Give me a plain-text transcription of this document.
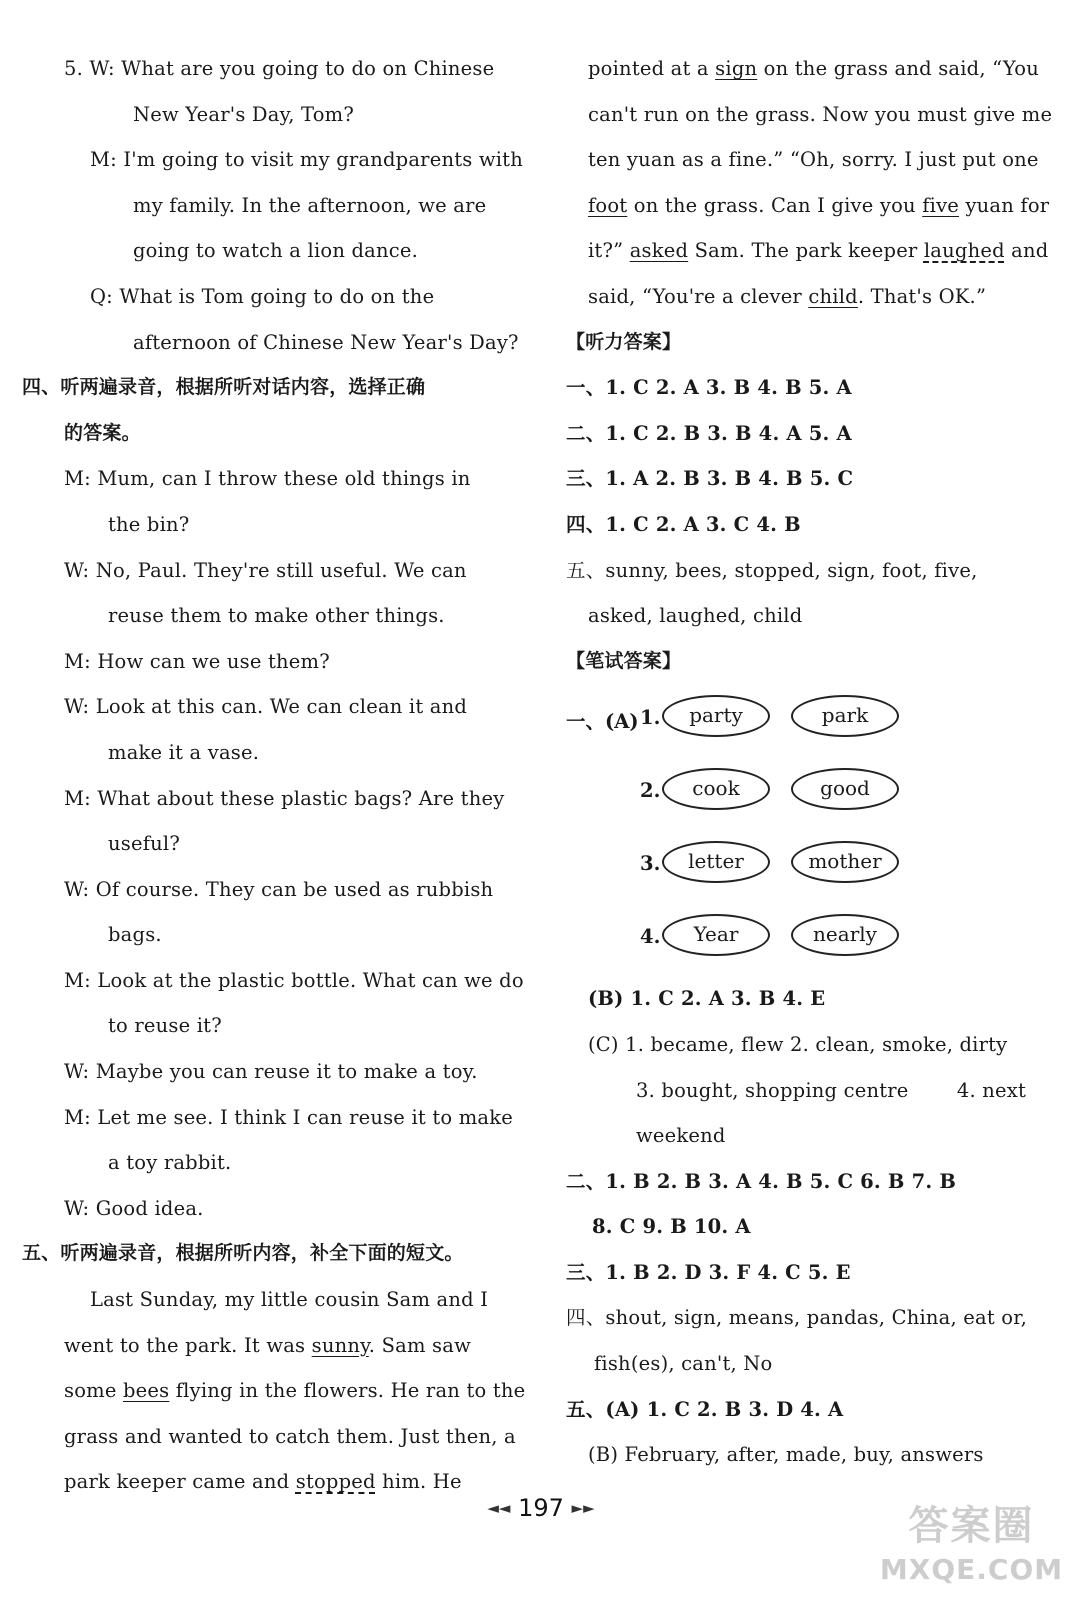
5. W: What are you going to do on Chinese
New Year's Day, Tom?
M: I'm going to visit my grandparents with
my family. In the afternoon, we are
going to watch a lion dance.
Q: What is Tom going to do on the
afternoon of Chinese New Year's Day?
四、听两遍录音，根据所听对话内容，选择正确
的答案。
M: Mum, can I throw these old things in
the bin?
W: No, Paul. They're still useful. We can
reuse them to make other things.
M: How can we use them?
W: Look at this can. We can clean it and
make it a vase.
M: What about these plastic bags? Are they
useful?
W: Of course. They can be used as rubbish
bags.
M: Look at the plastic bottle. What can we do
to reuse it?
W: Maybe you can reuse it to make a toy.
M: Let me see. I think I can reuse it to make
a toy rabbit.
W: Good idea.
五、听两遍录音，根据所听内容，补全下面的短文。
Last Sunday, my little cousin Sam and I
went to the park. It was sunny. Sam saw
some bees flying in the flowers. He ran to the
grass and wanted to catch them. Just then, a
park keeper came and stopped him. He
pointed at a sign on the grass and said, “You
can't run on the grass. Now you must give me
ten yuan as a fine.” “Oh, sorry. I just put one
foot on the grass. Can I give you five yuan for
it?” asked Sam. The park keeper laughed and
said, “You're a clever child. That's OK.”
【听力答案】
一、1. C 2. A 3. B 4. B 5. A
二、1. C 2. B 3. B 4. A 5. A
三、1. A 2. B 3. B 4. B 5. C
四、1. C 2. A 3. C 4. B
五、sunny, bees, stopped, sign, foot, five,
asked, laughed, child
【笔试答案】
一、(A) 1.	party	park
2.	cook	good
3.	letter	mother
4.	Year	nearly
(B) 1. C 2. A 3. B 4. E
(C) 1. became, flew 2. clean, smoke, dirty
3. bought, shopping centre 4. next
weekend
二、1. B 2. B 3. A 4. B 5. C 6. B 7. B
8. C 9. B 10. A
三、1. B 2. D 3. F 4. C 5. E
四、shout, sign, means, pandas, China, eat or,
fish(es), can't, No
五、(A) 1. C 2. B 3. D 4. A
(B) February, after, made, buy, answers
◄◄ 197 ►►	答案圈
MXQE.COM
